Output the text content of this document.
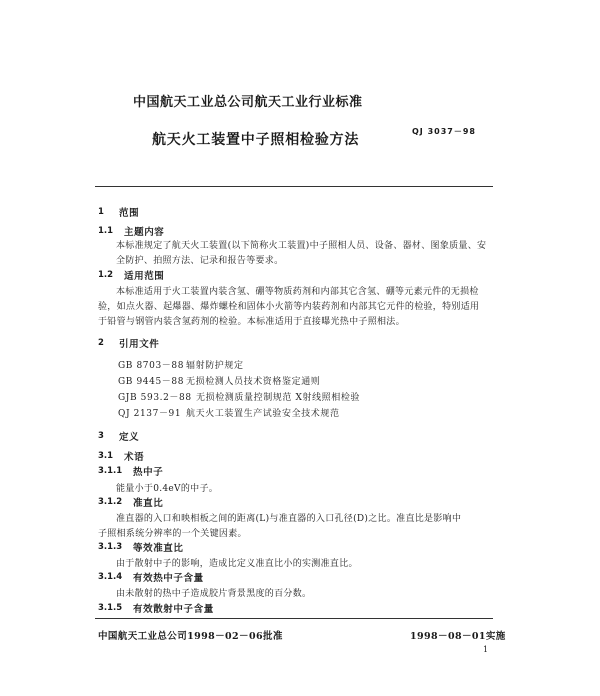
中国航天工业总公司航天工业行业标准
航天火工装置中子照相检验方法
QJ 3037－98
1 范围
1.1 主题内容
本标准规定了航天火工装置(以下简称火工装置)中子照相人员、设备、器材、图象质量、安全防护、拍照方法、记录和报告等要求。
1.2 适用范围
本标准适用于火工装置内装含氢、硼等物质药剂和内部其它含氢、硼等元素元件的无损检
验，如点火器、起爆器、爆炸螺栓和固体小火箭等内装药剂和内部其它元件的检验，特别适用
于铅管与钢管内装含氢药剂的检验。本标准适用于直接曝光热中子照相法。
2 引用文件
GB 8703－88 辐射防护规定
GB 9445－88 无损检测人员技术资格鉴定通则
GJB 593.2－88 无损检测质量控制规范 X射线照相检验
QJ 2137－91 航天火工装置生产试验安全技术规范
3 定义
3.1 术语
3.1.1 热中子
能量小于0.4eV的中子。
3.1.2 准直比
准直器的入口和映相板之间的距离(L)与准直器的入口孔径(D)之比。准直比是影响中
子照相系统分辨率的一个关键因素。
3.1.3 等效准直比
由于散射中子的影响，造成比定义准直比小的实测准直比。
3.1.4 有效热中子含量
由未散射的热中子造成胶片背景黑度的百分数。
3.1.5 有效散射中子含量
中国航天工业总公司1998－02－06批准	1998－08－01实施
1
